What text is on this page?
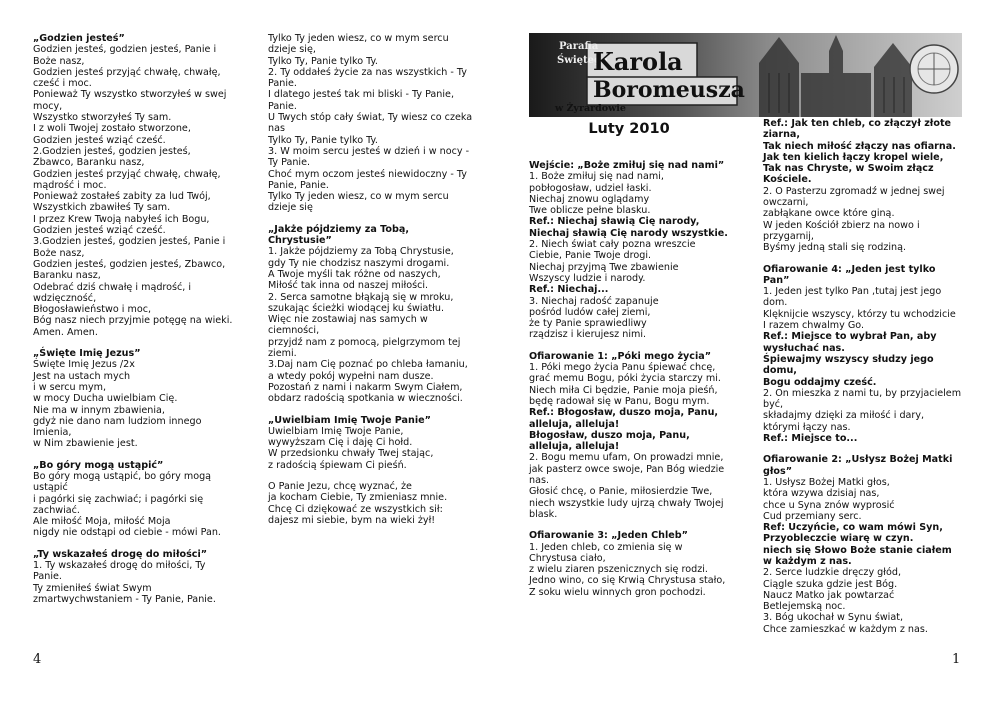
„Godzien jesteś”

Godzien jesteś, godzien jesteś, Panie i Boże nasz,

Godzien jesteś przyjąć chwałę, chwałę, cześć i moc.

Ponieważ Ty wszystko stworzyłeś w swej mocy,

Wszystko stworzyłeś Ty sam.

I z woli Twojej zostało stworzone,

Godzien jesteś wziąć cześć.

2.Godzien jesteś, godzien jesteś, Zbawco, Baranku nasz,

Godzien jesteś przyjąć chwałę, chwałę, mądrość i moc.

Ponieważ zostałeś zabity za lud Twój,

Wszystkich zbawiłeś Ty sam.

I przez Krew Twoją nabyłeś ich Bogu,

Godzien jesteś wziąć cześć.

3.Godzien jesteś, godzien jesteś, Panie i Boże nasz,

Godzien jesteś, godzien jesteś, Zbawco, Baranku nasz,

Odebrać dziś chwałę i mądrość, i wdzięczność,

Błogosławieństwo i moc,

Bóg nasz niech przyjmie potęgę na wieki.

Amen. Amen.

„Święte Imię Jezus”

Święte Imię Jezus /2x

Jest na ustach mych

i w sercu mym,

w mocy Ducha uwielbiam Cię.

Nie ma w innym zbawienia,

gdyż nie dano nam ludziom innego Imienia,

w Nim zbawienie jest.

„Bo góry mogą ustąpić”

Bo góry mogą ustąpić, bo góry mogą ustąpić

i pagórki się zachwiać; i pagórki się zachwiać.

Ale miłość Moja, miłość Moja

nigdy nie odstąpi od ciebie - mówi Pan.

„Ty wskazałeś drogę do miłości”

1. Ty wskazałeś drogę do miłości, Ty Panie.

Ty zmieniłeś świat Swym

zmartwychwstaniem - Ty Panie, Panie.

Tylko Ty jeden wiesz, co w mym sercu dzieje się,

Tylko Ty, Panie tylko Ty.

2. Ty oddałeś życie za nas wszystkich - Ty Panie.

I dlatego jesteś tak mi bliski - Ty Panie, Panie.

U Twych stóp cały świat, Ty wiesz co czeka nas

Tylko Ty, Panie tylko Ty.

3. W moim sercu jesteś w dzień i w nocy - Ty Panie.

Choć mym oczom jesteś niewidoczny - Ty Panie, Panie.

Tylko Ty jeden wiesz, co w mym sercu dzieje się

„Jakże pójdziemy za Tobą, Chrystusie”

1. Jakże pójdziemy za Tobą Chrystusie,

gdy Ty nie chodzisz naszymi drogami.

A Twoje myśli tak różne od naszych,

Miłość tak inna od naszej miłości.

2. Serca samotne błąkają się w mroku,

szukając ścieżki wiodącej ku światłu.

Więc nie zostawiaj nas samych w ciemności,

przyjdź nam z pomocą, pielgrzymom tej ziemi.

3.Daj nam Cię poznać po chleba łamaniu,

a wtedy pokój wypełni nam dusze.

Pozostań z nami i nakarm Swym Ciałem,

obdarz radością spotkania w wieczności.

„Uwielbiam Imię Twoje Panie”

Uwielbiam Imię Twoje Panie,

wywyższam Cię i daję Ci hołd.

W przedsionku chwały Twej stając,

z radością śpiewam Ci pieśń.

O Panie Jezu, chcę wyznać, że

ja kocham Ciebie, Ty zmieniasz mnie.

Chcę Ci dziękować ze wszystkich sił:

dajesz mi siebie, bym na wieki żył!

4
Parafia
Świętego
Karola
Boromeusza
w Żyrardowie
Luty 2010

Wejście: „Boże zmiłuj się nad nami”

1. Boże zmiłuj się nad nami,

pobłogosław, udziel łaski.

Niechaj znowu oglądamy

Twe oblicze pełne blasku.

Ref.: Niechaj sławią Cię narody, Niechaj sławią Cię narody wszystkie.

2. Niech świat cały pozna wreszcie

Ciebie, Panie Twoje drogi.

Niechaj przyjmą Twe zbawienie

Wszyscy ludzie i narody.

Ref.: Niechaj...

3. Niechaj radość zapanuje

pośród ludów całej ziemi,

że ty Panie sprawiedliwy

rządzisz i kierujesz nimi.

Ofiarowanie 1: „Póki mego życia”

1. Póki mego życia Panu śpiewać chcę,

grać memu Bogu, póki życia starczy mi.

Niech miła Ci będzie, Panie moja pieśń,

będę radował się w Panu, Bogu mym.

Ref.: Błogosław, duszo moja, Panu, alleluja, alleluja!

Błogosław, duszo moja, Panu, alleluja, alleluja!

2. Bogu memu ufam, On prowadzi mnie,

jak pasterz owce swoje, Pan Bóg wiedzie nas.

Głosić chcę, o Panie, miłosierdzie Twe,

niech wszystkie ludy ujrzą chwały Twojej blask.

Ofiarowanie 3: „Jeden Chleb”

1. Jeden chleb, co zmienia się w Chrystusa ciało,

z wielu ziaren pszenicznych się rodzi.

Jedno wino, co się Krwią Chrystusa stało,

Z soku wielu winnych gron pochodzi.

Ref.: Jak ten chleb, co złączył złote ziarna,

Tak niech miłość złączy nas ofiarna.

Jak ten kielich łączy kropel wiele,

Tak nas Chryste, w Swoim złącz Kościele.

2. O Pasterzu zgromadź w jednej swej owczarni,

zabłąkane owce które giną.

W jeden Kościół zbierz na nowo i przygarnij,

Byśmy jedną stali się rodziną.

Ofiarowanie 4: „Jeden jest tylko Pan”

1. Jeden jest tylko Pan ,tutaj jest jego dom.

Klęknijcie wszyscy, którzy tu wchodzicie

I razem chwalmy Go.

Ref.: Miejsce to wybrał Pan, aby wysłuchać nas.

Śpiewajmy wszyscy słudzy jego domu,

Bogu oddajmy cześć.

2. On mieszka z nami tu, by przyjacielem być,

składajmy dzięki za miłość i dary,

którymi łączy nas.

Ref.: Miejsce to...

Ofiarowanie 2: „Usłysz Bożej Matki głos”

1. Usłysz Bożej Matki głos,

która wzywa dzisiaj nas,

chce u Syna znów wyprosić

Cud przemiany serc.

Ref: Uczyńcie, co wam mówi Syn,

Przyobleczcie wiarę w czyn.

niech się Słowo Boże stanie ciałem w każdym z nas.

2. Serce ludzkie dręczy głód,

Ciągle szuka gdzie jest Bóg.

Naucz Matko jak powtarzać

Betlejemską noc.

3. Bóg ukochał w Synu świat,

Chce zamieszkać w każdym z nas.

1
